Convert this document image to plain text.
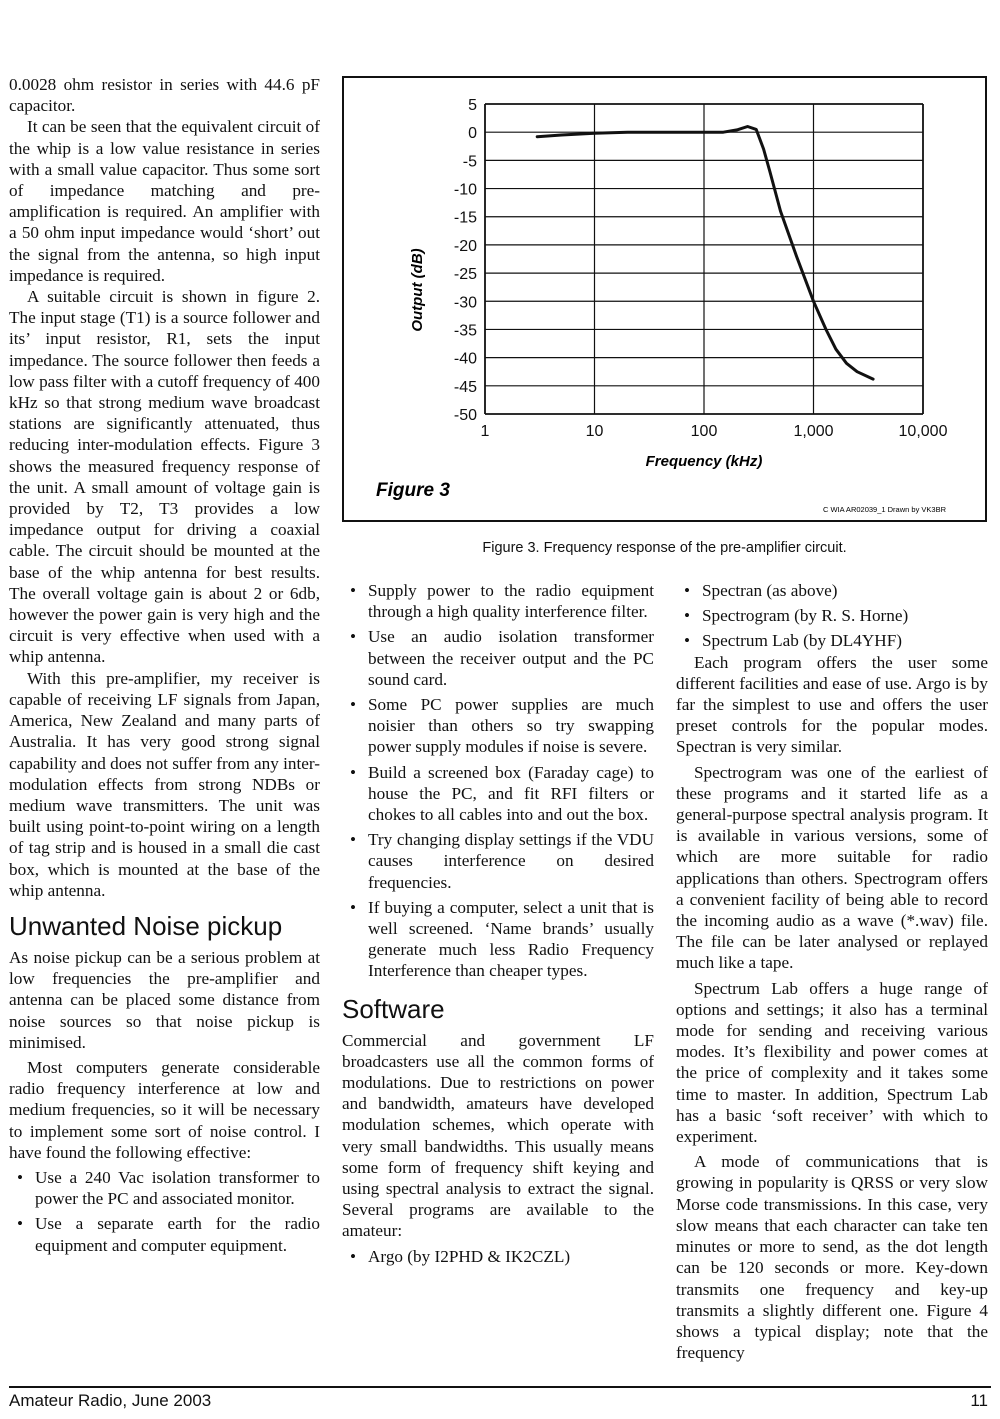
0.0028 ohm resistor in series with 44.6 pF capacitor.

It can be seen that the equivalent circuit of the whip is a low value resistance in series with a small value capacitor. Thus some sort of impedance matching and pre-amplification is required. An amplifier with a 50 ohm input impedance would ‘short’ out the signal from the antenna, so high input impedance is required.

A suitable circuit is shown in figure 2. The input stage (T1) is a source follower and its’ input resistor, R1, sets the input impedance. The source follower then feeds a low pass filter with a cutoff frequency of 400 kHz so that strong medium wave broadcast stations are significantly attenuated, thus reducing inter-modulation effects. Figure 3 shows the measured frequency response of the unit. A small amount of voltage gain is provided by T2, T3 provides a low impedance output for driving a coaxial cable. The circuit should be mounted at the base of the whip antenna for best results. The overall voltage gain is about 2 or 6db, however the power gain is very high and the circuit is very effective when used with a whip antenna.

With this pre-amplifier, my receiver is capable of receiving LF signals from Japan, America, New Zealand and many parts of Australia. It has very good strong signal capability and does not suffer from any inter-modulation effects from strong NDBs or medium wave transmitters. The unit was built using point-to-point wiring on a length of tag strip and is housed in a small die cast box, which is mounted at the base of the whip antenna.

Unwanted Noise pickup

As noise pickup can be a serious problem at low frequencies the pre-amplifier and antenna can be placed some distance from noise sources so that noise pickup is minimised.

Most computers generate considerable radio frequency interference at low and medium frequencies, so it will be necessary to implement some sort of noise control. I have found the following effective:

• Use a 240 Vac isolation transformer to power the PC and associated monitor.
• Use a separate earth for the radio equipment and computer equipment.
5
0
-5
-10
-15
-20
-25
-30
-35
-40
-45
-50
1	10	100	1,000	10,000
Output (dB)
Frequency (kHz)
Figure 3
C WIA AR02039_1 Drawn by VK3BR
Figure 3. Frequency response of the pre-amplifier circuit.
• Supply power to the radio equipment through a high quality interference filter.
• Use an audio isolation transformer between the receiver output and the PC sound card.
• Some PC power supplies are much noisier than others so try swapping power supply modules if noise is severe.
• Build a screened box (Faraday cage) to house the PC, and fit RFI filters or chokes to all cables into and out the box.
• Try changing display settings if the VDU causes interference on desired frequencies.
• If buying a computer, select a unit that is well screened. ‘Name brands’ usually generate much less Radio Frequency Interference than cheaper types.
Software

Commercial and government LF broadcasters use all the common forms of modulations. Due to restrictions on power and bandwidth, amateurs have developed modulation schemes, which operate with very small bandwidths. This usually means some form of frequency shift keying and using spectral analysis to extract the signal. Several programs are available to the amateur:

• Argo (by I2PHD & IK2CZL)
• Spectran (as above)
• Spectrogram (by R. S. Horne)
• Spectrum Lab (by DL4YHF)

Each program offers the user some different facilities and ease of use. Argo is by far the simplest to use and offers the user preset controls for the popular modes. Spectran is very similar.

Spectrogram was one of the earliest of these programs and it started life as a general-purpose spectral analysis program. It is available in various versions, some of which are more suitable for radio applications than others. Spectrogram offers a convenient facility of being able to record the incoming audio as a wave (*.wav) file. The file can be later analysed or replayed much like a tape.

Spectrum Lab offers a huge range of options and settings; it also has a terminal mode for sending and receiving various modes. It’s flexibility and power comes at the price of complexity and it takes some time to master. In addition, Spectrum Lab has a basic ‘soft receiver’ with which to experiment.

A mode of communications that is growing in popularity is QRSS or very slow Morse code transmissions. In this case, very slow means that each character can take ten minutes or more to send, as the dot length can be 120 seconds or more. Key-down transmits one frequency and key-up transmits a slightly different one. Figure 4 shows a typical display; note that the frequency

Amateur Radio, June 2003	11
